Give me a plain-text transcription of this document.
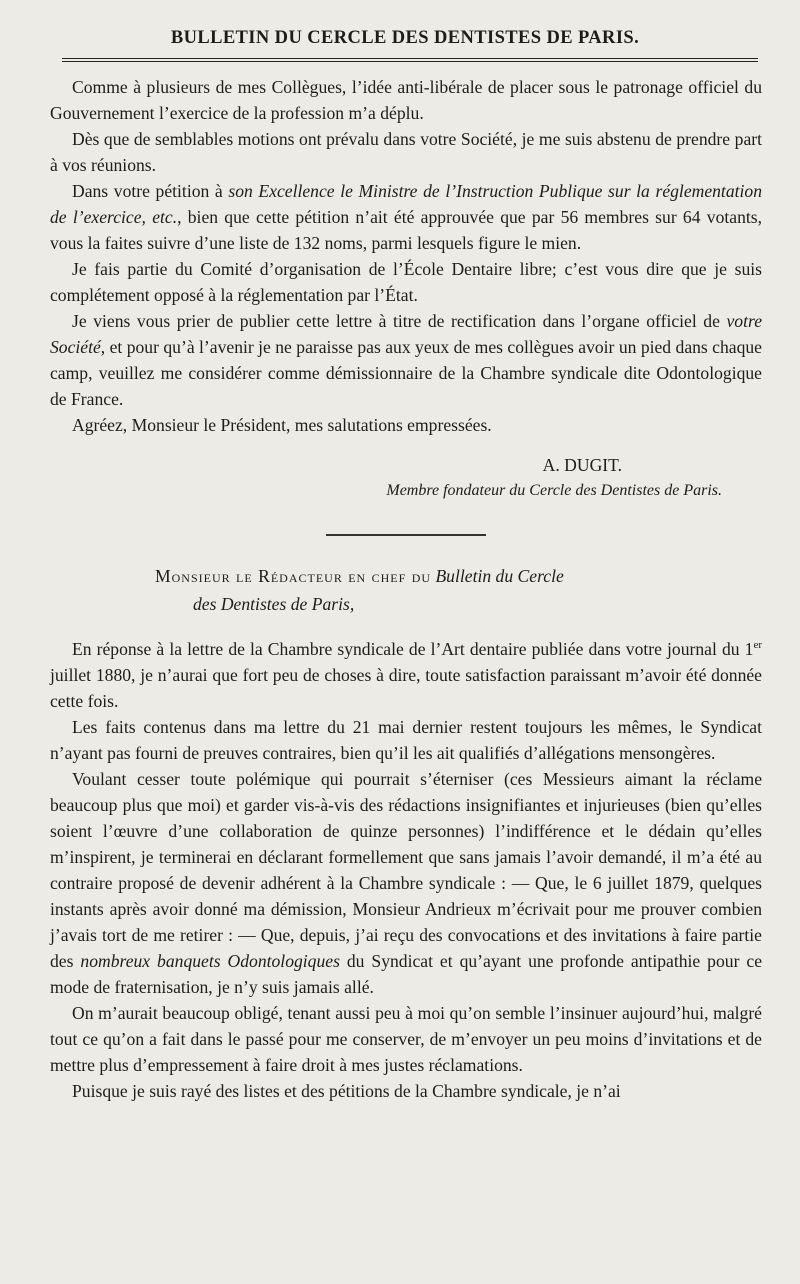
BULLETIN DU CERCLE DES DENTISTES DE PARIS.

Comme à plusieurs de mes Collègues, l’idée anti-libérale de placer sous le patronage officiel du Gouvernement l’exercice de la profession m’a déplu.

Dès que de semblables motions ont prévalu dans votre Société, je me suis abstenu de prendre part à vos réunions.

Dans votre pétition à son Excellence le Ministre de l’Instruction Publique sur la réglementation de l’exercice, etc., bien que cette pétition n’ait été approuvée que par 56 membres sur 64 votants, vous la faites suivre d’une liste de 132 noms, parmi lesquels figure le mien.

Je fais partie du Comité d’organisation de l’École Dentaire libre; c’est vous dire que je suis complétement opposé à la réglementation par l’État.

Je viens vous prier de publier cette lettre à titre de rectification dans l’organe officiel de votre Société, et pour qu’à l’avenir je ne paraisse pas aux yeux de mes collègues avoir un pied dans chaque camp, veuillez me considérer comme démissionnaire de la Chambre syndicale dite Odontologique de France.

Agréez, Monsieur le Président, mes salutations empressées.

A. DUGIT.
Membre fondateur du Cercle des Dentistes de Paris.
Monsieur le Rédacteur en chef du Bulletin du Cercle
des Dentistes de Paris,

En réponse à la lettre de la Chambre syndicale de l’Art dentaire publiée dans votre journal du 1er juillet 1880, je n’aurai que fort peu de choses à dire, toute satisfaction paraissant m’avoir été donnée cette fois.

Les faits contenus dans ma lettre du 21 mai dernier restent toujours les mêmes, le Syndicat n’ayant pas fourni de preuves contraires, bien qu’il les ait qualifiés d’allégations mensongères.

Voulant cesser toute polémique qui pourrait s’éterniser (ces Messieurs aimant la réclame beaucoup plus que moi) et garder vis-à-vis des rédactions insignifiantes et injurieuses (bien qu’elles soient l’œuvre d’une collaboration de quinze personnes) l’indifférence et le dédain qu’elles m’inspirent, je terminerai en déclarant formellement que sans jamais l’avoir demandé, il m’a été au contraire proposé de devenir adhérent à la Chambre syndicale : — Que, le 6 juillet 1879, quelques instants après avoir donné ma démission, Monsieur Andrieux m’écrivait pour me prouver combien j’avais tort de me retirer : — Que, depuis, j’ai reçu des convocations et des invitations à faire partie des nombreux banquets Odontologiques du Syndicat et qu’ayant une profonde antipathie pour ce mode de fraternisation, je n’y suis jamais allé.

On m’aurait beaucoup obligé, tenant aussi peu à moi qu’on semble l’insinuer aujourd’hui, malgré tout ce qu’on a fait dans le passé pour me conserver, de m’envoyer un peu moins d’invitations et de mettre plus d’empressement à faire droit à mes justes réclamations.

Puisque je suis rayé des listes et des pétitions de la Chambre syndicale, je n’ai
